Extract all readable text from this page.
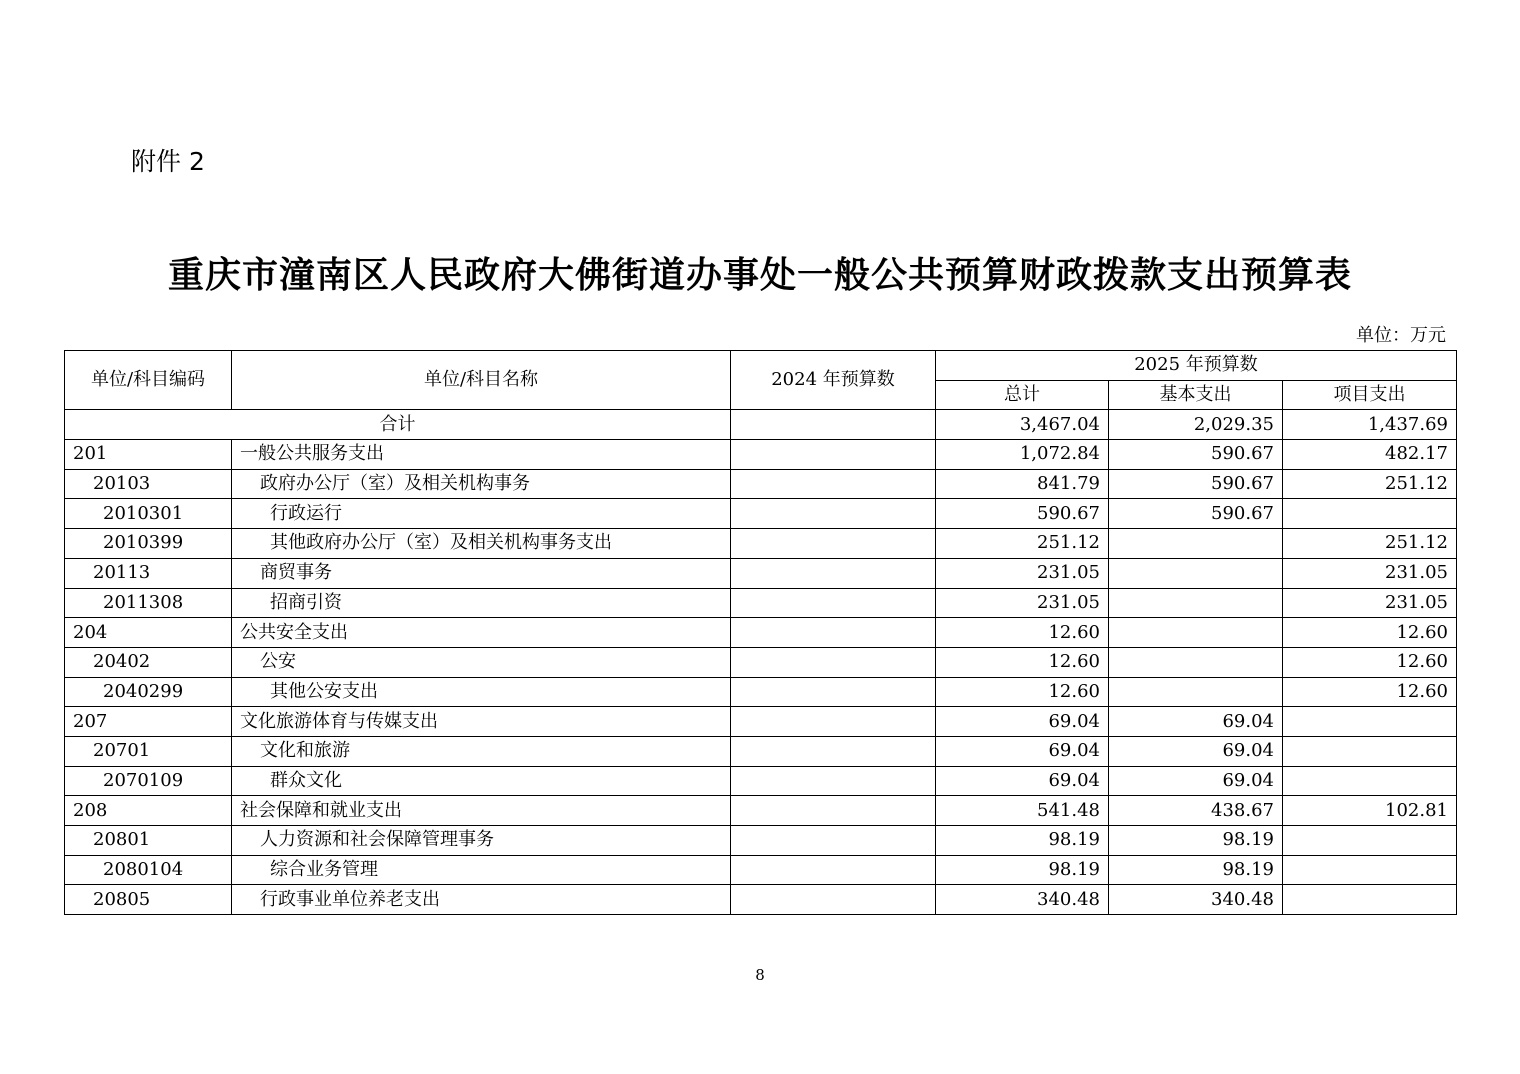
附件 2
重庆市潼南区人民政府大佛街道办事处一般公共预算财政拨款支出预算表
单位：万元
单位/科目编码	单位/科目名称	2024 年预算数	2025 年预算数		
			总计	基本支出	项目支出
合计			3,467.04	2,029.35	1,437.69
201	一般公共服务支出		1,072.84	590.67	482.17
20103	政府办公厅（室）及相关机构事务		841.79	590.67	251.12
2010301	行政运行		590.67	590.67	
2010399	其他政府办公厅（室）及相关机构事务支出		251.12		251.12
20113	商贸事务		231.05		231.05
2011308	招商引资		231.05		231.05
204	公共安全支出		12.60		12.60
20402	公安		12.60		12.60
2040299	其他公安支出		12.60		12.60
207	文化旅游体育与传媒支出		69.04	69.04	
20701	文化和旅游		69.04	69.04	
2070109	群众文化		69.04	69.04	
208	社会保障和就业支出		541.48	438.67	102.81
20801	人力资源和社会保障管理事务		98.19	98.19	
2080104	综合业务管理		98.19	98.19	
20805	行政事业单位养老支出		340.48	340.48	
8
